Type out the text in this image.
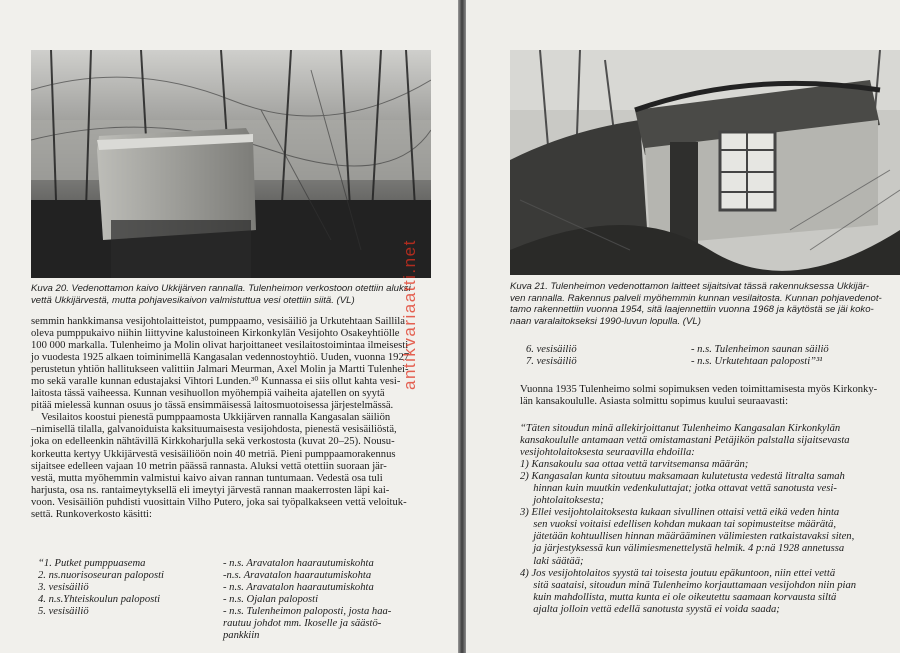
Kuva 20. Vedenottamon kaivo Ukkijärven rannalla. Tulenheimon verkostoon otettiin aluksi
vettä Ukkijärvestä, mutta pohjavesikaivon valmistuttua vesi otettiin siitä. (VL)
semmin hankkimansa vesijohtolaitteistot, pumppaamo, vesisäiliö ja Urkutehtaan Saillila
oleva pumppukaivo niihin liittyvine kalustoineen Kirkonkylän Vesijohto Osakeyhtiölle
100 000 markalla. Tulenheimo ja Molin olivat harjoittaneet vesilaitostoimintaa ilmeisesti
jo vuodesta 1925 alkaen toiminimellä Kangasalan vedennostoyhtiö. Uuden, vuonna 1927
perustetun yhtiön hallitukseen valittiin Jalmari Meurman, Axel Molin ja Martti Tulenhei-
mo sekä varalle kunnan edustajaksi Vihtori Lunden.³⁰ Kunnassa ei siis ollut kahta vesi-
laitosta tässä vaiheessa. Kunnan vesihuollon myöhempiä vaiheita ajatellen on syytä
pitää mielessä kunnan osuus jo tässä ensimmäisessä laitosmuotoisessa järjestelmässä.
Vesilaitos koostui pienestä pumppaamosta Ukkijärven rannalla Kangasalan säiliön
–nimisellä tilalla, galvanoiduista kaksituumaisesta vesijohdosta, pienestä vesisäiliöstä,
joka on edelleenkin nähtävillä Kirkkoharjulla sekä verkostosta (kuvat 20–25). Nousu-
korkeutta kertyy Ukkijärvestä vesisäiliöön noin 40 metriä. Pieni pumppaamorakennus
sijaitsee edelleen vajaan 10 metrin päässä rannasta. Aluksi vettä otettiin suoraan jär-
vestä, mutta myöhemmin valmistui kaivo aivan rannan tuntumaan. Vedestä osa tuli
harjusta, osa ns. rantaimeytyksellä eli imeytyi järvestä rannan maakerrosten läpi kai-
voon. Vesisäiliön puhdisti vuosittain Vilho Putero, joka sai työpalkakseen vettä veloituk-
settä. Runkoverkosto käsitti:
“1. Putket pumppuasema	- n.s. Aravatalon haarautumiskohta
2. ns.nuorisoseuran paloposti	-n.s. Aravatalon haarautumiskohta
3. vesisäiliö	- n.s. Aravatalon haarautumiskohta
4. n.s.Yhteiskoulun paloposti	- n.s. Ojalan paloposti
5. vesisäiliö	- n.s. Tulenheimon paloposti, josta haa-
rautuu johdot mm. Ikoselle ja säästö-
pankkiin
antikvariaatti.net	Kuva 21. Tulenheimon vedenottamon laitteet sijaitsivat tässä rakennuksessa Ukkijär-
ven rannalla. Rakennus palveli myöhemmin kunnan vesilaitosta. Kunnan pohjavedenot-
tamo rakennettiin vuonna 1954, sitä laajennettiin vuonna 1968 ja käytöstä se jäi koko-
naan varalaitokseksi 1990-luvun lopulla. (VL)
6. vesisäiliö	- n.s. Tulenheimon saunan säiliö
7. vesisäiliö	- n.s. Urkutehtaan paloposti”³¹
Vuonna 1935 Tulenheimo solmi sopimuksen veden toimittamisesta myös Kirkonky-
län kansakoululle. Asiasta solmittu sopimus kuului seuraavasti:
“Täten sitoudun minä allekirjoittanut Tulenheimo Kangasalan Kirkonkylän
kansakoululle antamaan vettä omistamastani Petäjikön palstalla sijaitsevasta
vesijohtolaitoksesta seuraavilla ehdoilla:
1) Kansakoulu saa ottaa vettä tarvitsemansa määrän;
2) Kangasalan kunta sitoutuu maksamaan kulutetusta vedestä litralta samah
hinnan kuin muutkin vedenkuluttajat; jotka ottavat vettä sanotusta vesi-
johtolaitoksesta;
3) Ellei vesijohtolaitoksesta kukaan sivullinen ottaisi vettä eikä veden hinta
sen vuoksi voitaisi edellisen kohdan mukaan tai sopimusteitse määrätä,
jätetään kohtuullisen hinnan määrääminen välimiesten ratkaistavaksi siten,
ja järjestyksessä kun välimiesmenettelystä helmik. 4 p:nä 1928 annetussa
laki säätää;
4) Jos vesijohtolaitos syystä tai toisesta joutuu epäkuntoon, niin ettei vettä
sitä saataisi, sitoudun minä Tulenheimo korjauttamaan vesijohdon niin pian
kuin mahdollista, mutta kunta ei ole oikeutettu saamaan korvausta siltä
ajalta jolloin vettä edellä sanotusta syystä ei voida saada;
